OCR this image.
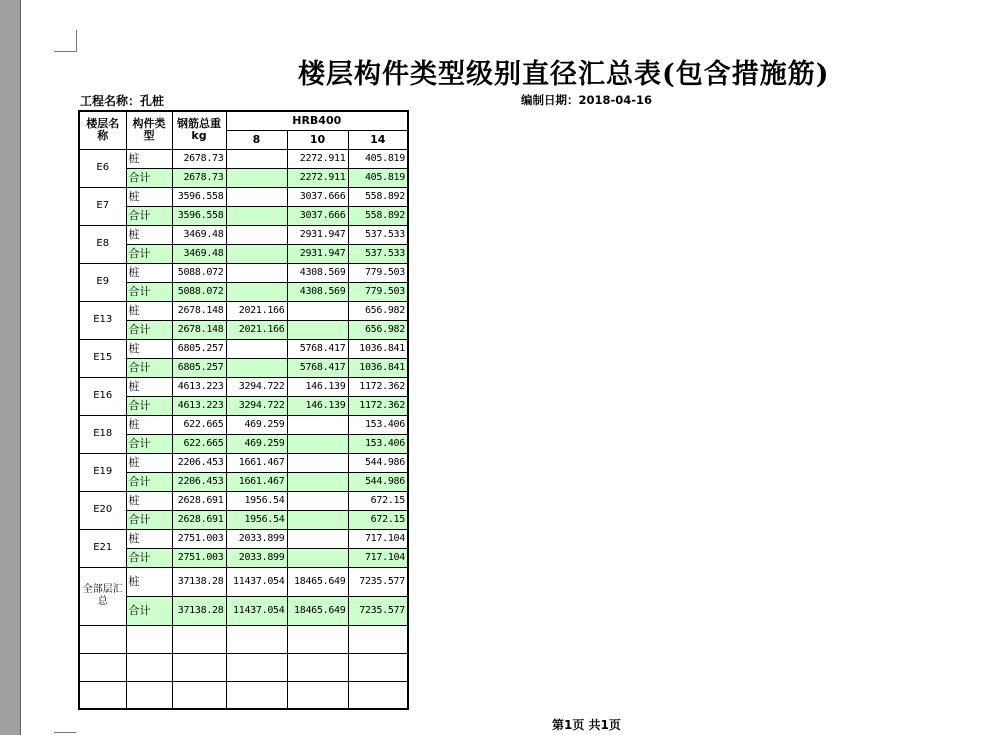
楼层构件类型级别直径汇总表(包含措施筋)
工程名称：孔桩	编制日期：2018-04-16
楼层名称	构件类型	钢筋总重kg	HRB400		
			8	10	14
E6	桩	2678.73		2272.911	405.819
	合计	2678.73		2272.911	405.819
E7	桩	3596.558		3037.666	558.892
	合计	3596.558		3037.666	558.892
E8	桩	3469.48		2931.947	537.533
	合计	3469.48		2931.947	537.533
E9	桩	5088.072		4308.569	779.503
	合计	5088.072		4308.569	779.503
E13	桩	2678.148	2021.166		656.982
	合计	2678.148	2021.166		656.982
E15	桩	6805.257		5768.417	1036.841
	合计	6805.257		5768.417	1036.841
E16	桩	4613.223	3294.722	146.139	1172.362
	合计	4613.223	3294.722	146.139	1172.362
E18	桩	622.665	469.259		153.406
	合计	622.665	469.259		153.406
E19	桩	2206.453	1661.467		544.986
	合计	2206.453	1661.467		544.986
E20	桩	2628.691	1956.54		672.15
	合计	2628.691	1956.54		672.15
E21	桩	2751.003	2033.899		717.104
	合计	2751.003	2033.899		717.104
全部层汇总	桩	37138.28	11437.054	18465.649	7235.577
	合计	37138.28	11437.054	18465.649	7235.577

第1页 共1页
